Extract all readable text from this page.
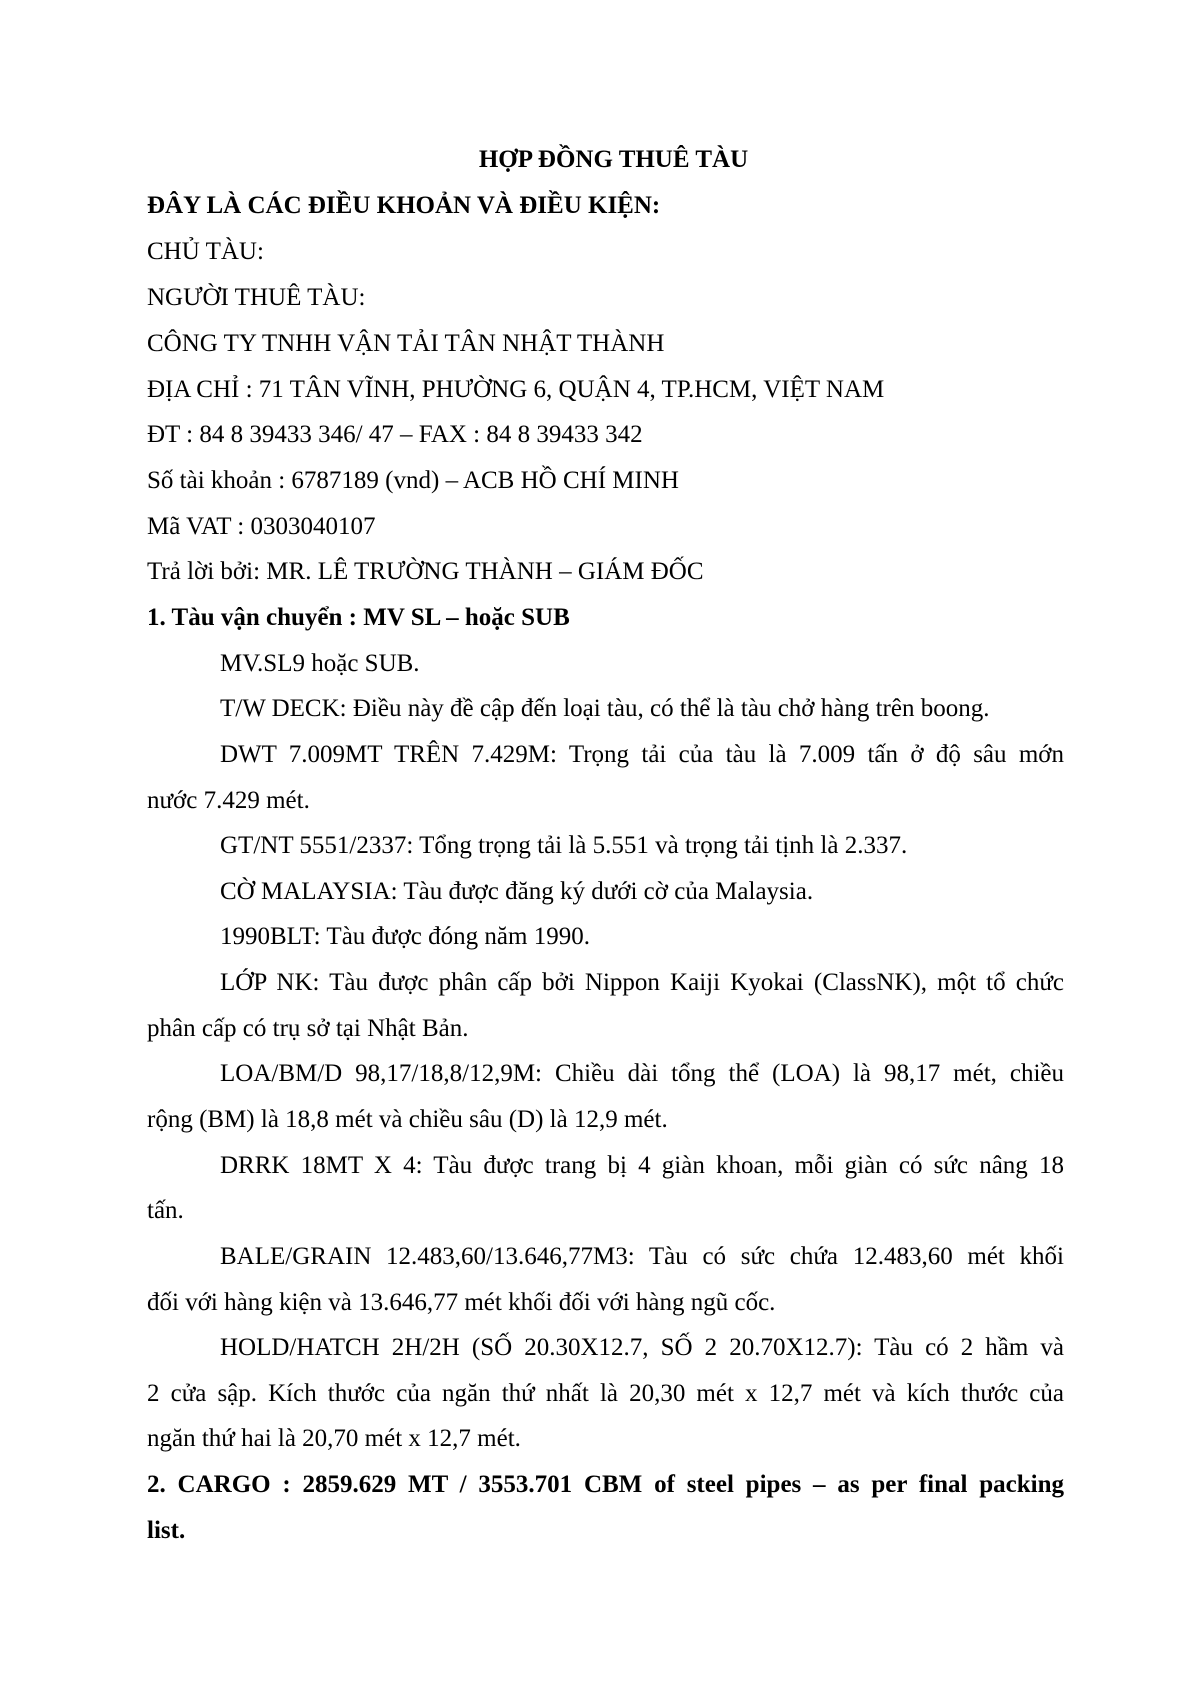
HỢP ĐỒNG THUÊ TÀU

ĐÂY LÀ CÁC ĐIỀU KHOẢN VÀ ĐIỀU KIỆN:

CHỦ TÀU:

NGƯỜI THUÊ TÀU:

CÔNG TY TNHH VẬN TẢI TÂN NHẬT THÀNH

ĐỊA CHỈ : 71 TÂN VĨNH, PHƯỜNG 6, QUẬN 4, TP.HCM, VIỆT NAM

ĐT : 84 8 39433 346/ 47 – FAX : 84 8 39433 342

Số tài khoản : 6787189 (vnd) – ACB HỒ CHÍ MINH

Mã VAT : 0303040107

Trả lời bởi: MR. LÊ TRƯỜNG THÀNH – GIÁM ĐỐC

1. Tàu vận chuyển : MV SL – hoặc SUB

MV.SL9 hoặc SUB.

T/W DECK: Điều này đề cập đến loại tàu, có thể là tàu chở hàng trên boong.

DWT 7.009MT TRÊN 7.429M: Trọng tải của tàu là 7.009 tấn ở độ sâu mớn

nước 7.429 mét.

GT/NT 5551/2337: Tổng trọng tải là 5.551 và trọng tải tịnh là 2.337.

CỜ MALAYSIA: Tàu được đăng ký dưới cờ của Malaysia.

1990BLT: Tàu được đóng năm 1990.

LỚP NK: Tàu được phân cấp bởi Nippon Kaiji Kyokai (ClassNK), một tổ chức

phân cấp có trụ sở tại Nhật Bản.

LOA/BM/D 98,17/18,8/12,9M: Chiều dài tổng thể (LOA) là 98,17 mét, chiều

rộng (BM) là 18,8 mét và chiều sâu (D) là 12,9 mét.

DRRK 18MT X 4: Tàu được trang bị 4 giàn khoan, mỗi giàn có sức nâng 18

tấn.

BALE/GRAIN 12.483,60/13.646,77M3: Tàu có sức chứa 12.483,60 mét khối

đối với hàng kiện và 13.646,77 mét khối đối với hàng ngũ cốc.

HOLD/HATCH 2H/2H (SỐ 20.30X12.7, SỐ 2 20.70X12.7): Tàu có 2 hầm và

2 cửa sập. Kích thước của ngăn thứ nhất là 20,30 mét x 12,7 mét và kích thước của

ngăn thứ hai là 20,70 mét x 12,7 mét.

2. CARGO : 2859.629 MT / 3553.701 CBM of steel pipes – as per final packing

list.
